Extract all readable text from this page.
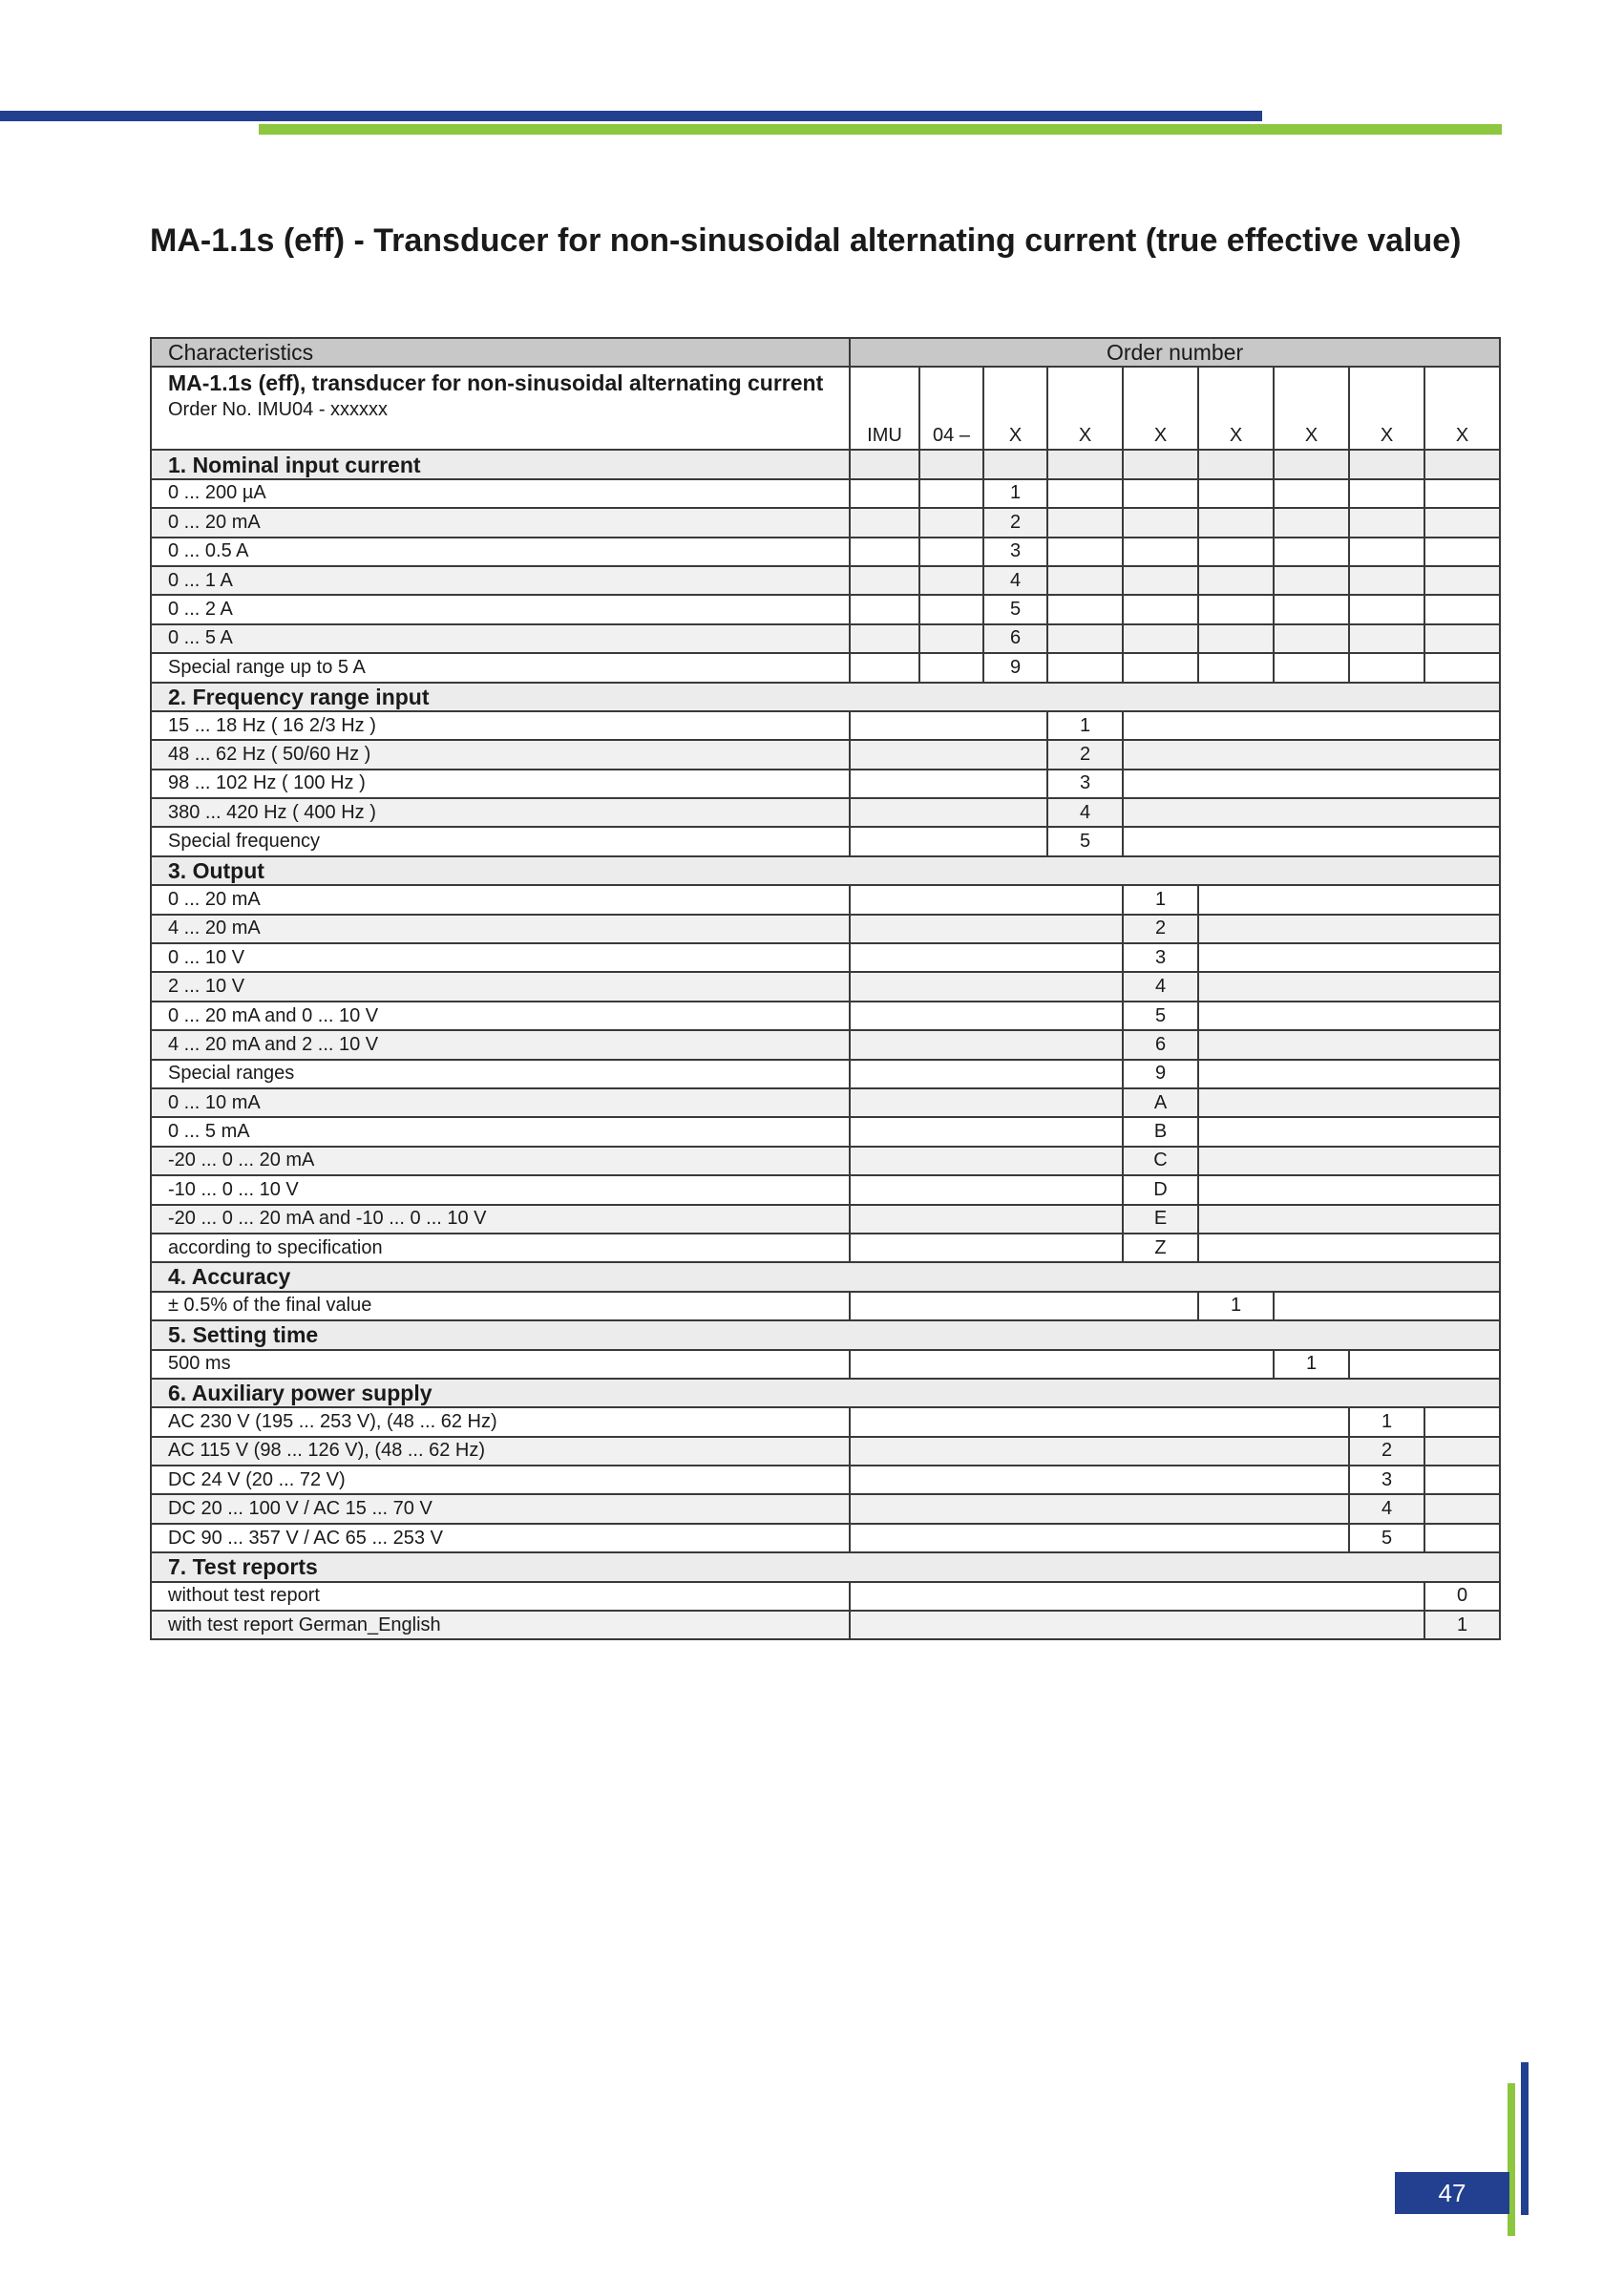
MA-1.1s (eff) - Transducer for non-sinusoidal alternating current (true effective value)
Characteristics	Order number								

MA-1.1s (eff), transducer for non-sinusoidal alternating current
Order No. IMU04 - xxxxxx	IMU	04 –	X	X	X	X	X	X	X
1. Nominal input current									
0 ... 200 µA			1						
0 ... 20 mA			2						
0 ... 0.5 A			3						
0 ... 1 A			4						
0 ... 2 A			5						
0 ... 5 A			6						
Special range up to 5 A			9						
2. Frequency range input									
15 ... 18 Hz ( 16 2/3 Hz )				1					
48 ... 62 Hz ( 50/60 Hz )				2					
98 ... 102 Hz ( 100 Hz )				3					
380 ... 420 Hz ( 400 Hz )				4					
Special frequency				5					
3. Output									
0 ... 20 mA					1				
4 ... 20 mA					2				
0 ... 10 V					3				
2 ... 10 V					4				
0 ... 20 mA and 0 ... 10 V					5				
4 ... 20 mA and 2 ... 10 V					6				
Special ranges					9				
0 ... 10 mA					A				
0 ... 5 mA					B				
-20 ... 0 ... 20 mA					C				
-10 ... 0 ... 10 V					D				
-20 ... 0 ... 20 mA and -10 ... 0 ... 10 V					E				
according to specification					Z				
4. Accuracy									
± 0.5% of the final value						1			
5. Setting time									
500 ms							1		
6. Auxiliary power supply									
AC 230 V (195 ... 253 V), (48 ... 62 Hz)								1	
AC 115 V (98 ... 126 V), (48 ... 62 Hz)								2	
DC 24 V (20 ... 72 V)								3	
DC 20 ... 100 V / AC 15 ... 70 V								4	
DC 90 ... 357 V / AC 65 ... 253 V								5	
7. Test reports									
without test report									0
with test report German_English									1
47
